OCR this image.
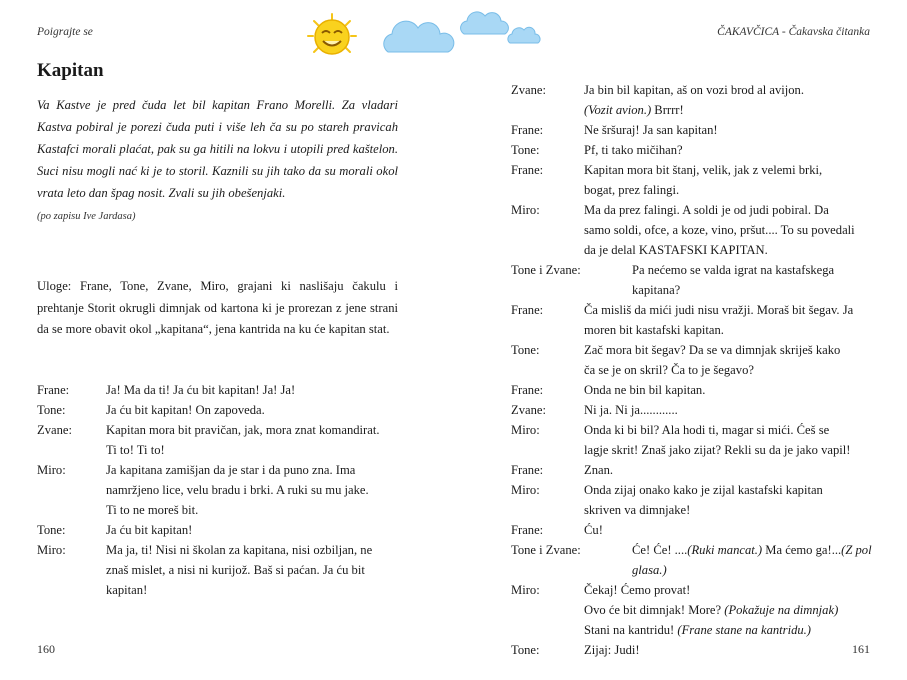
Poigrajte se
Kapitan

Va Kastve je pred čuda let bil kapitan Frano Morelli. Za vladari Kastva pobiral je porezi čuda puti i više leh ča su po stareh pravicah Kastafci morali plaćat, pak su ga hitili na lokvu i utopili pred kaštelon. Suci nisu mogli nać ki je to storil. Kaznili su jih tako da su morali okol vrata leto dan špag nosit. Zvali su jih obešenjaki.

(po zapisu Ive Jardasa)

Uloge: Frane, Tone, Zvane, Miro, grajani ki naslišaju čakulu i prehtanje Storit okrugli dimnjak od kartona ki je prorezan z jene strani da se more obavit okol „kapitana“, jena kantrida na ku će kapitan stat.

Frane:	Ja! Ma da ti! Ja ću bit kapitan! Ja! Ja!
Tone:	Ja ću bit kapitan! On zapoveda.
Zvane:	Kapitan mora bit pravičan, jak, mora znat komandirat.
Ti to! Ti to!
Miro:	Ja kapitana zamišjan da je star i da puno zna. Ima
namržjeno lice, velu bradu i brki. A ruki su mu jake.
Ti to ne moreš bit.
Tone:	Ja ću bit kapitan!
Miro:	Ma ja, ti! Nisi ni školan za kapitana, nisi ozbiljan, ne
znaš mislet, a nisi ni kurijož. Baš si paćan. Ja ću bit
kapitan!
160
ČAKAVČICA - Čakavska čitanka
Zvane:	Ja bin bil kapitan, aš on vozi brod al avijon.
(Vozit avion.) Brrrr!
Frane:	Ne šršuraj! Ja san kapitan!
Tone:	Pf, ti tako mičihan?
Frane:	Kapitan mora bit štanj, velik, jak z velemi brki,
bogat, prez falingi.
Miro:	Ma da prez falingi. A soldi je od judi pobiral. Da
samo soldi, ofce, a koze, vino, pršut.... To su povedali
da je delal KASTAFSKI KAPITAN.
Tone i Zvane:	Pa nećemo se valda igrat na kastafskega kapitana?
Frane:	Ča misliš da mići judi nisu vražji. Moraš bit šegav. Ja
moren bit kastafski kapitan.
Tone:	Zač mora bit šegav? Da se va dimnjak skriješ kako
ča se je on skril? Ča to je šegavo?
Frane:	Onda ne bin bil kapitan.
Zvane:	Ni ja. Ni ja............
Miro:	Onda ki bi bil? Ala hodi ti, magar si mići. Ćeš se
lagje skrit! Znaš jako zijat? Rekli su da je jako vapil!
Frane:	Znan.
Miro:	Onda zijaj onako kako je zijal kastafski kapitan
skriven va dimnjake!
Frane:	Ću!
Tone i Zvane:	Će! Će! ....(Ruki mancat.) Ma ćemo ga!...(Z pol glasa.)
Miro:	Čekaj! Ćemo provat!
Ovo će bit dimnjak! More? (Pokažuje na dimnjak)
Stani na kantridu! (Frane stane na kantridu.)
Tone:	Zijaj: Judi!	161
